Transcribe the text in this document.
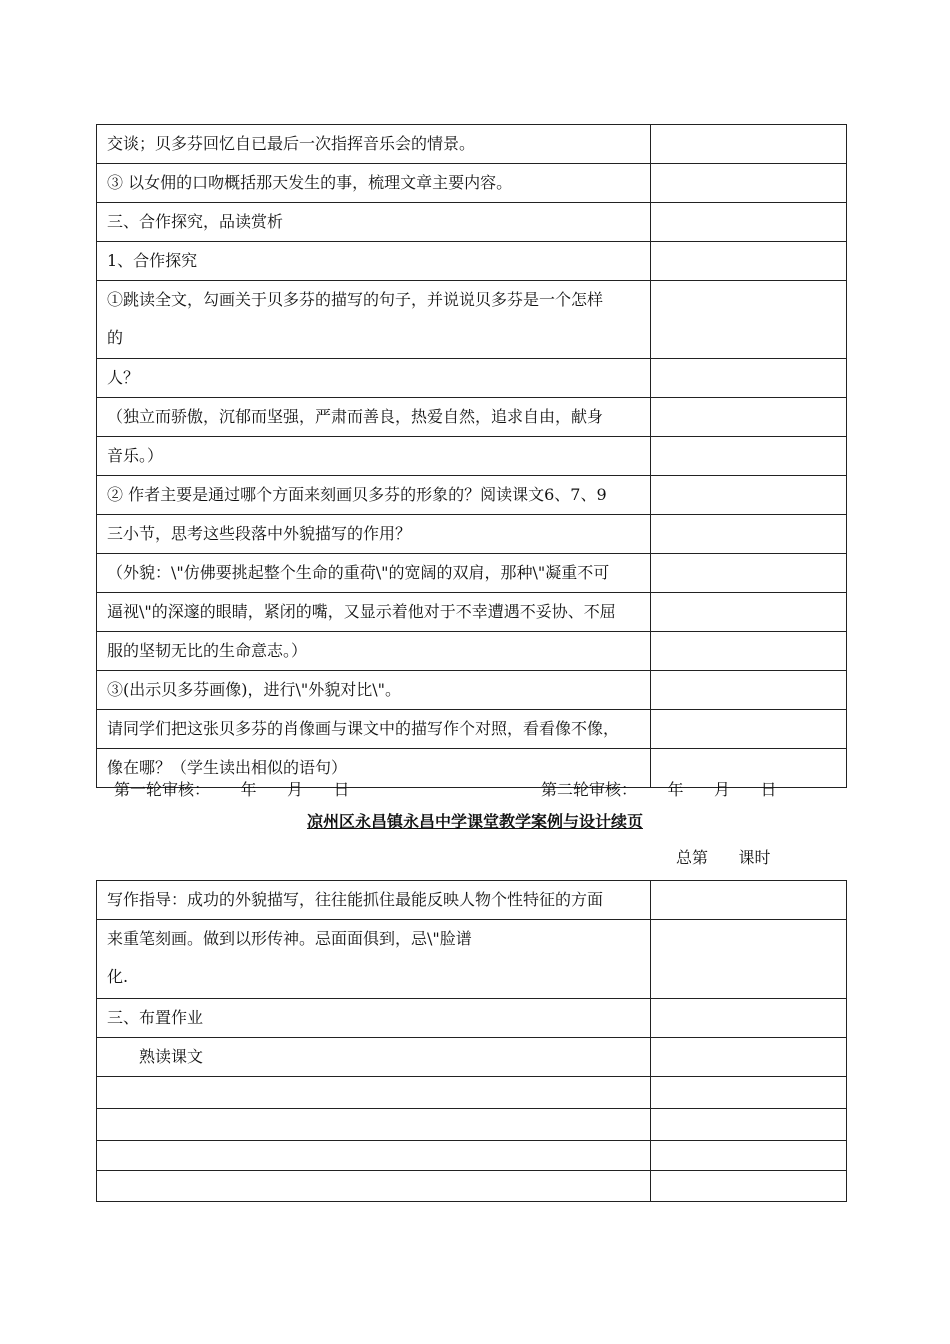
交谈；贝多芬回忆自已最后一次指挥音乐会的情景。	
③ 以女佣的口吻概括那天发生的事，梳理文章主要内容。	
三、合作探究，品读赏析	
1、合作探究	

①跳读全文，勾画关于贝多芬的描写的句子，并说说贝多芬是一个怎样
的	

人？	
（独立而骄傲，沉郁而坚强，严肃而善良，热爱自然，追求自由，献身	
音乐。）	
② 作者主要是通过哪个方面来刻画贝多芬的形象的？阅读课文6、7、9	
三小节，思考这些段落中外貌描写的作用？	
（外貌：\"仿佛要挑起整个生命的重荷\"的宽阔的双肩，那种\"凝重不可	
逼视\"的深邃的眼睛，紧闭的嘴，又显示着他对于不幸遭遇不妥协、不屈	
服的坚韧无比的生命意志。）	
③(出示贝多芬画像)，进行\"外貌对比\"。	
请同学们把这张贝多芬的肖像画与课文中的描写作个对照，看看像不像，	
像在哪？（学生读出相似的语句）	
第一轮审核：      年      月      日	第二轮审核：      年      月      日
凉州区永昌镇永昌中学课堂教学案例与设计续页
总第      课时
写作指导：成功的外貌描写，往往能抓住最能反映人物个性特征的方面	

来重笔刻画。做到以形传神。忌面面俱到，忌\"脸谱
化.	

三、布置作业	
熟读课文	
